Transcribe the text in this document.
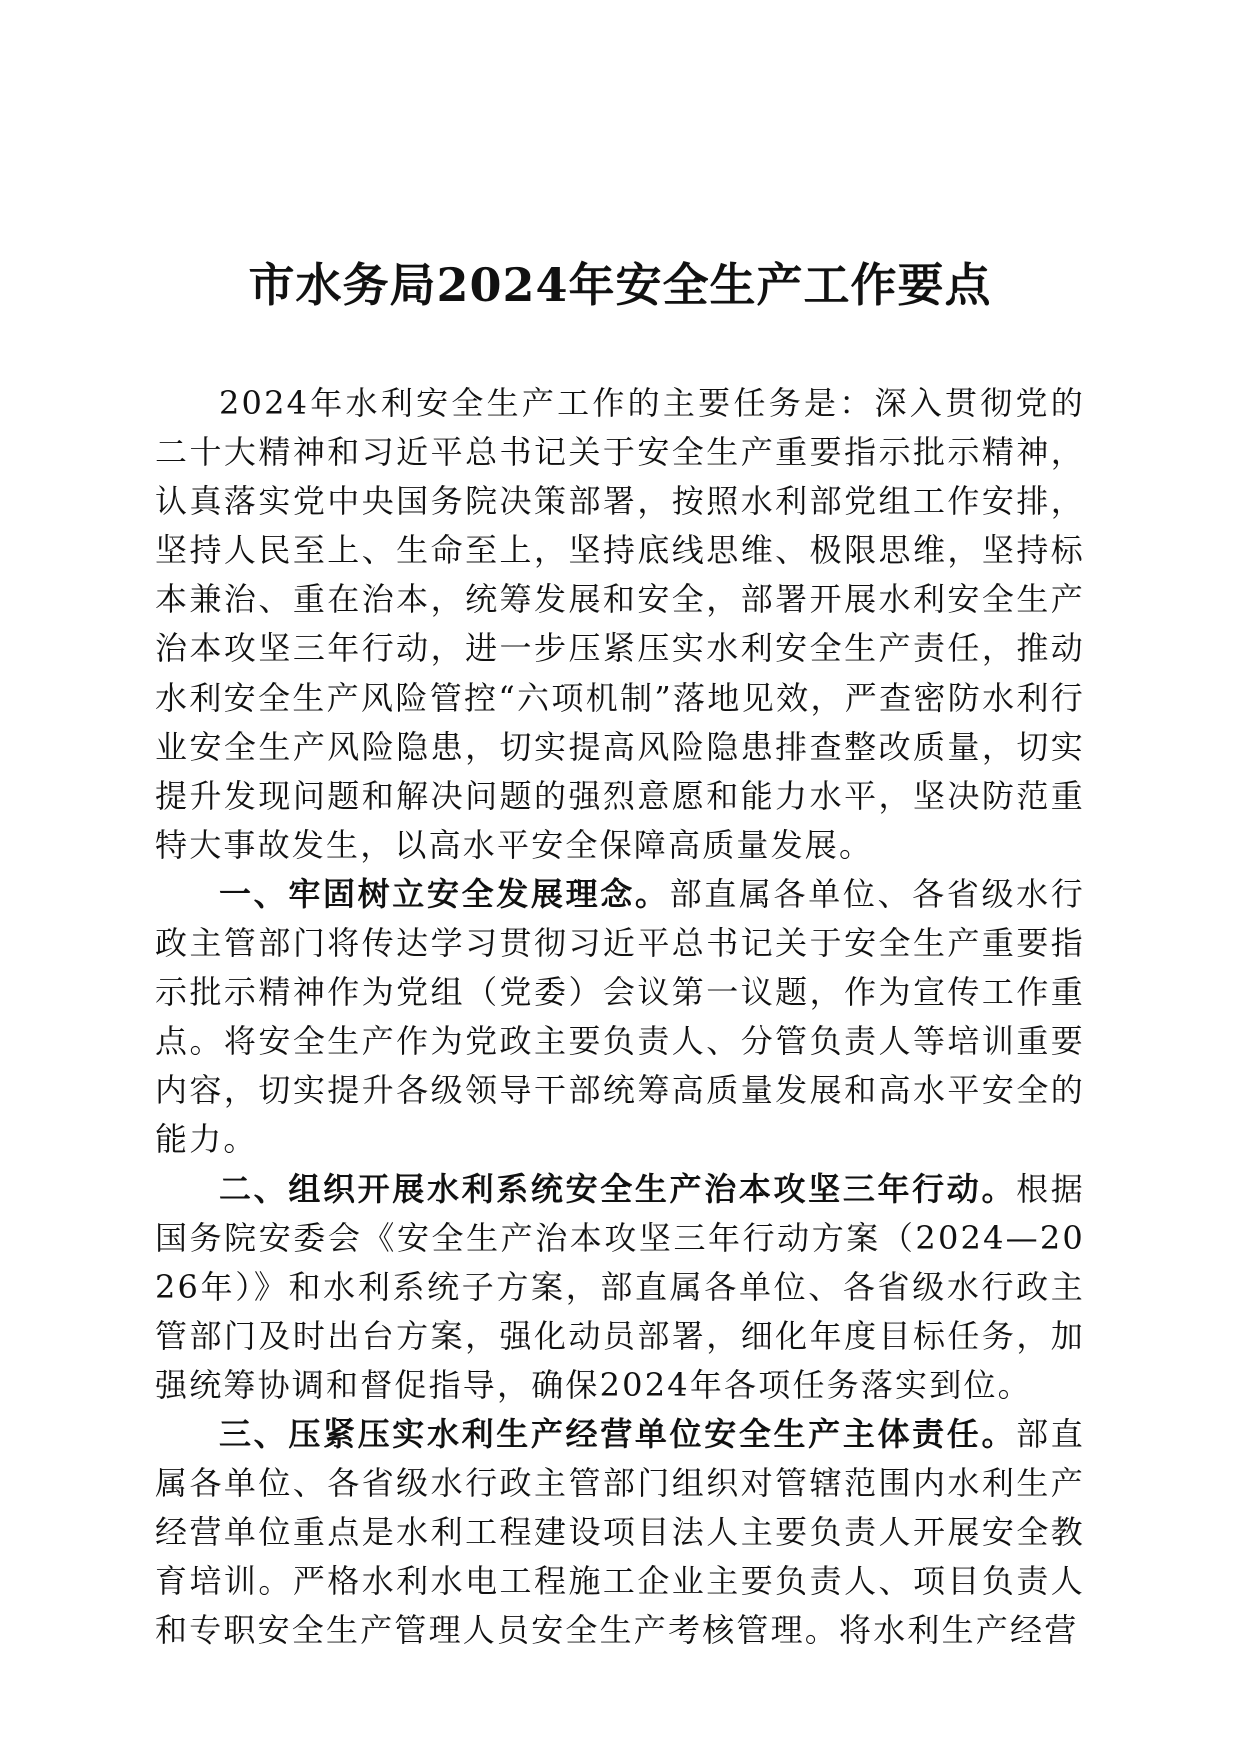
市水务局2024年安全生产工作要点

2024年水利安全生产工作的主要任务是：深入贯彻党的二十大精神和习近平总书记关于安全生产重要指示批示精神，认真落实党中央国务院决策部署，按照水利部党组工作安排，坚持人民至上、生命至上，坚持底线思维、极限思维，坚持标本兼治、重在治本，统筹发展和安全，部署开展水利安全生产治本攻坚三年行动，进一步压紧压实水利安全生产责任，推动水利安全生产风险管控“六项机制”落地见效，严查密防水利行业安全生产风险隐患，切实提高风险隐患排查整改质量，切实提升发现问题和解决问题的强烈意愿和能力水平，坚决防范重特大事故发生，以高水平安全保障高质量发展。

一、牢固树立安全发展理念。部直属各单位、各省级水行政主管部门将传达学习贯彻习近平总书记关于安全生产重要指示批示精神作为党组（党委）会议第一议题，作为宣传工作重点。将安全生产作为党政主要负责人、分管负责人等培训重要内容，切实提升各级领导干部统筹高质量发展和高水平安全的能力。

二、组织开展水利系统安全生产治本攻坚三年行动。根据国务院安委会《安全生产治本攻坚三年行动方案（2024—2026年）》和水利系统子方案，部直属各单位、各省级水行政主管部门及时出台方案，强化动员部署，细化年度目标任务，加强统筹协调和督促指导，确保2024年各项任务落实到位。

三、压紧压实水利生产经营单位安全生产主体责任。部直属各单位、各省级水行政主管部门组织对管辖范围内水利生产经营单位重点是水利工程建设项目法人主要负责人开展安全教育培训。严格水利水电工程施工企业主要负责人、项目负责人和专职安全生产管理人员安全生产考核管理。将水利生产经营
